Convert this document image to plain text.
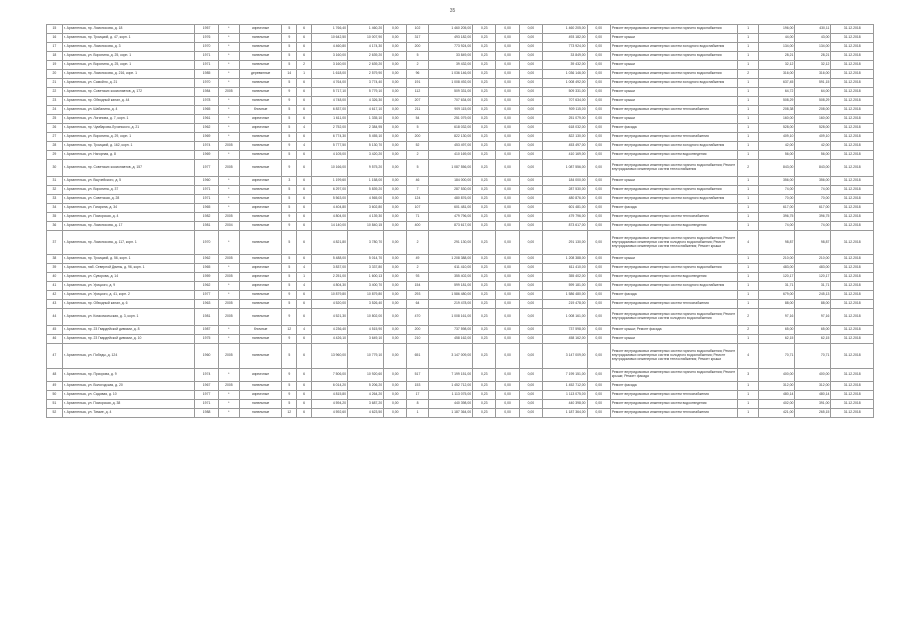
35
15	г. Архангельск, пр. Ломоносова, д. 18	1957	*	кирпичные	5	6	1 766,40	1 460,20	0,00	102	1 460 205,00	0,23	0,00	0,00	1 460 205,00	0,00	Ремонт внутридомовых инженерных систем горячего водоснабжения	1	196,00	430,11	31.12.2018
16	г. Архангельск, пр. Троицкий, д. 47, корп. 1	1976	*	панельные	9	6	10 642,50	10 007,90	0,00	317	493 182,00	0,23	0,00	0,00	493 182,00	0,00	Ремонт крыши	1	44,00	43,00	31.12.2018
17	г. Архангельск, пр. Ломоносова, д. 3	1970	*	панельные	5	6	4 460,80	4 174,30	0,00	200	773 924,00	0,23	0,00	0,00	773 924,00	0,00	Ремонт внутридомовых инженерных систем холодного водоснабжения	1	134,00	134,00	31.12.2018
18	г. Архангельск, ул. Воронина, д. 25, корп. 1	1971	*	панельные	5	6	3 160,00	2 639,20	0,00	5	33 849,00	0,23	0,00	0,00	33 849,00	0,00	Ремонт внутридомовых инженерных систем горячего водоснабжения	1	28,21	28,21	31.12.2018
19	г. Архангельск, ул. Воронина, д. 25, корп. 1	1971	*	панельные	5	2	3 160,00	2 639,20	0,00	2	39 432,00	0,23	0,00	0,00	39 432,00	0,00	Ремонт крыши	1	32,12	32,12	31.12.2018
20	г. Архангельск, пр. Ломоносова, д. 216, корп. 1	1985	*	деревянные	14	1	1 618,00	2 579,90	0,00	96	1 036 146,00	0,23	0,00	0,00	1 036 146,00	0,00	Ремонт внутридомовых инженерных систем горячего водоснабжения	2	316,00	316,00	31.12.2018
21	г. Архангельск, ул. Самойло, д. 21	1970	*	панельные	5	6	4 764,00	3 774,40	0,00	191	1 008 492,00	0,23	0,00	0,00	1 008 492,00	0,00	Ремонт внутридомовых инженерных систем холодного водоснабжения	1	637,45	591,15	31.12.2018
22	г. Архангельск, пр. Советских космонавтов, д. 172	1984	2005	панельные	9	6	5 717,10	5 779,10	0,00	112	509 331,00	0,23	0,00	0,00	509 331,00	0,00	Ремонт крыши	1	64,72	64,00	31.12.2018
23	г. Архангельск, пр. Обводный канал, д. 44	1978	*	панельные	9	6	4 748,00	4 326,30	0,00	207	707 634,00	0,23	0,00	0,00	707 634,00	0,00	Ремонт крыши	1	508,29	508,29	31.12.2018
24	г. Архангельск, ул. Шабалина, д. 4	1965	*	блочные	5	6	6 837,00	4 617,10	0,00	211	909 115,00	0,23	0,00	0,00	909 115,00	0,00	Ремонт внутридомовых инженерных систем теплоснабжения	1	208,38	208,00	31.12.2018
25	г. Архангельск, ул. Логинова, д. 7, корп. 1	1961	*	кирпичные	5	6	1 611,00	1 335,10	0,00	54	251 079,00	0,23	0,00	0,00	251 079,00	0,00	Ремонт крыши	1	160,00	160,00	31.12.2018
26	г. Архангельск, пр. Чумбарова-Лучинского, д. 21	1962	*	кирпичные	5	4	2 752,00	2 384,95	0,00	5	618 032,00	0,23	0,00	0,00	618 032,00	0,00	Ремонт фасада	1	528,00	528,00	31.12.2018
27	г. Архангельск, ул. Воронина, д. 29, корп. 1	1969	*	панельные	5	6	6 774,30	5 455,10	0,00	200	822 130,00	0,23	0,00	0,00	822 130,00	0,00	Ремонт внутридомовых инженерных систем теплоснабжения	1	409,10	409,10	31.12.2018
28	г. Архангельск, пр. Троицкий, д. 162, корп. 1	1974	2005	панельные	9	4	5 777,50	5 130,70	0,00	52	453 497,00	0,23	0,00	0,00	453 497,00	0,00	Ремонт внутридомовых инженерных систем холодного водоснабжения	1	42,00	42,00	31.12.2018
29	г. Архангельск, ул. Нагорная, д. 8	1969	*	панельные	5	6	4 105,00	3 420,20	0,00	2	410 169,00	0,23	0,00	0,00	410 169,00	0,00	Ремонт внутридомовых инженерных систем водоотведения	1	56,00	56,00	31.12.2018
30	г. Архангельск, пр. Советских космонавтов, д. 157	1977	2005	панельные	9	6	10 166,00	9 575,20	0,00	5	1 087 556,00	0,23	0,00	0,00	1 087 556,00	0,00	Ремонт внутридомовых инженерных систем горячего водоснабжения; Ремонт внутридомовых инженерных систем теплоснабжения	2	843,00	843,00	31.12.2018
31	г. Архангельск, ул. Выучейского, д. 5	1960	*	кирпичные	3	6	1 199,60	1 158,00	0,00	46	184 000,00	0,23	0,00	0,00	184 000,00	0,00	Ремонт крыши	1	356,00	356,00	31.12.2018
32	г. Архангельск, ул. Воронина, д. 37	1971	*	панельные	5	6	6 297,00	5 839,20	0,00	7	287 530,00	0,23	0,00	0,00	287 530,00	0,00	Ремонт внутридомовых инженерных систем горячего водоснабжения	1	74,00	74,00	31.12.2018
33	г. Архангельск, ул. Советская, д. 28	1971	*	панельные	5	6	5 563,00	4 565,00	0,00	124	480 876,00	0,23	0,00	0,00	480 876,00	0,00	Ремонт внутридомовых инженерных систем холодного водоснабжения	1	70,00	70,00	31.12.2018
34	г. Архангельск, ул. Гагарина, д. 34	1965	*	кирпичные	5	6	4 404,80	3 602,80	0,00	107	601 481,00	0,23	0,00	0,00	601 481,00	0,00	Ремонт фасада	1	617,00	617,00	31.12.2018
35	г. Архангельск, ул. Поморская, д. 4	1982	2005	панельные	9	6	4 804,00	4 139,30	0,00	71	479 796,00	0,23	0,00	0,00	479 796,00	0,00	Ремонт внутридомовых инженерных систем теплоснабжения	1	396,75	396,75	31.12.2018
36	г. Архангельск, пр. Ломоносова, д. 17	1981	2004	панельные	9	6	14 140,00	10 840,15	0,00	400	873 617,00	0,23	0,00	0,00	873 617,00	0,00	Ремонт внутридомовых инженерных систем водоотведения	1	74,00	74,00	31.12.2018
37	г. Архангельск, пр. Ломоносова, д. 117, корп. 1	1970	*	панельные	5	6	4 821,80	3 780,70	0,00	2	291 130,00	0,23	0,00	0,00	291 130,00	0,00	Ремонт внутридомовых инженерных систем горячего водоснабжения; Ремонт внутридомовых инженерных систем холодного водоснабжения; Ремонт внутридомовых инженерных систем теплоснабжения; Ремонт крыши	4	98,87	98,87	31.12.2018
38	г. Архангельск, пр. Троицкий, д. 56, корп. 1	1962	2005	панельные	5	6	5 488,00	5 014,70	0,00	49	1 208 388,00	0,23	0,00	0,00	1 208 388,00	0,00	Ремонт крыши	1	210,00	210,00	31.12.2018
39	г. Архангельск, наб. Северной Двины, д. 96, корп. 1	1965	*	кирпичные	5	4	3 837,00	3 337,80	0,00	2	611 410,00	0,23	0,00	0,00	611 410,00	0,00	Ремонт внутридомовых инженерных систем горячего водоснабжения	1	483,00	483,00	31.12.2018
40	г. Архангельск, ул. Суворова, д. 14	1959	2005	кирпичные	5	1	2 251,00	1 600,13	0,00	93	355 402,00	0,23	0,00	0,00	355 402,00	0,00	Ремонт внутридомовых инженерных систем водоотведения	1	120,17	120,17	31.12.2018
41	г. Архангельск, ул. Урицкого, д. 9	1962	*	кирпичные	5	4	4 804,30	3 400,70	0,00	154	599 181,00	0,23	0,00	0,00	599 181,00	0,00	Ремонт внутридомовых инженерных систем холодного водоснабжения	1	31,71	31,71	31.12.2018
42	г. Архангельск, ул. Урицкого, д. 41, корп. 2	1977	*	панельные	9	6	10 879,80	10 879,80	0,00	293	1 586 480,00	0,23	0,00	0,00	1 586 480,00	0,00	Ремонт фасада	1	679,00	245,13	31.12.2018
43	г. Архангельск, пр. Обводный канал, д. 6	1963	2005	панельные	5	6	4 520,00	3 526,40	0,00	64	219 478,00	0,23	0,00	0,00	219 478,00	0,00	Ремонт внутридомовых инженерных систем теплоснабжения	1	88,00	88,00	31.12.2018
44	г. Архангельск, ул. Комсомольская, д. 3, корп. 1	1981	2005	панельные	9	6	4 521,30	10 802,00	0,00	470	1 008 161,00	0,23	0,00	0,00	1 008 161,00	0,00	Ремонт внутридомовых инженерных систем горячего водоснабжения; Ремонт внутридомовых инженерных систем холодного водоснабжения	2	97,16	97,16	31.12.2018
45	г. Архангельск, пр. 23 Гвардейской дивизии, д. 8	1987	*	блочные	12	4	4 236,40	4 515,90	0,00	200	737 598,00	0,23	0,00	0,00	737 598,00	0,00	Ремонт крыши; Ремонт фасада	2	65,00	65,00	31.12.2018
46	г. Архангельск, пр. 23 Гвардейской дивизии, д. 10	1975	*	панельные	9	6	4 426,10	3 649,10	0,00	210	458 162,00	0,23	0,00	0,00	458 162,00	0,00	Ремонт крыши	1	62,15	62,15	31.12.2018
47	г. Архангельск, ул. Победы, д. 124	1960	2005	панельные	5	6	13 960,00	10 779,10	0,00	651	3 147 009,00	0,23	0,00	0,00	3 147 009,00	0,00	Ремонт внутридомовых инженерных систем горячего водоснабжения; Ремонт внутридомовых инженерных систем холодного водоснабжения; Ремонт внутридомовых инженерных систем теплоснабжения; Ремонт крыши	4	70,71	70,71	31.12.2018
48	г. Архангельск, пр. Приорова, д. 9	1974	*	кирпичные	9	6	7 506,00	10 920,60	0,00	517	7 199 151,00	0,23	0,00	0,00	7 199 151,00	0,00	Ремонт внутридомовых инженерных систем горячего водоснабжения; Ремонт крыши; Ремонт фасада	3	400,00	400,00	31.12.2018
49	г. Архангельск, ул. Вологодская, д. 20	1967	2005	панельные	5	6	6 014,20	5 206,20	0,00	153	1 452 712,00	0,23	0,00	0,00	1 452 712,00	0,00	Ремонт фасада	1	312,00	312,00	31.12.2018
50	г. Архангельск, ул. Садовая, д. 10	1977	*	кирпичные	9	6	4 815,80	4 264,20	0,00	17	1 113 075,00	0,23	0,00	0,00	1 113 075,00	0,00	Ремонт внутридомовых инженерных систем теплоснабжения	1	480,14	480,14	31.12.2018
51	г. Архангельск, ул. Поморская, д. 38	1971	*	панельные	5	6	4 594,20	3 687,20	0,00	8	440 398,00	0,23	0,00	0,00	440 398,00	0,00	Ремонт внутридомовых инженерных систем водоотведения	1	402,00	391,00	31.12.2018
52	г. Архангельск, ул. Тимме, д. 4	1988	*	панельные	12	6	4 592,60	4 623,50	0,00	1	1 187 364,00	0,23	0,00	0,00	1 187 364,00	0,00	Ремонт внутридомовых инженерных систем теплоснабжения	1	421,00	265,15	31.12.2018
